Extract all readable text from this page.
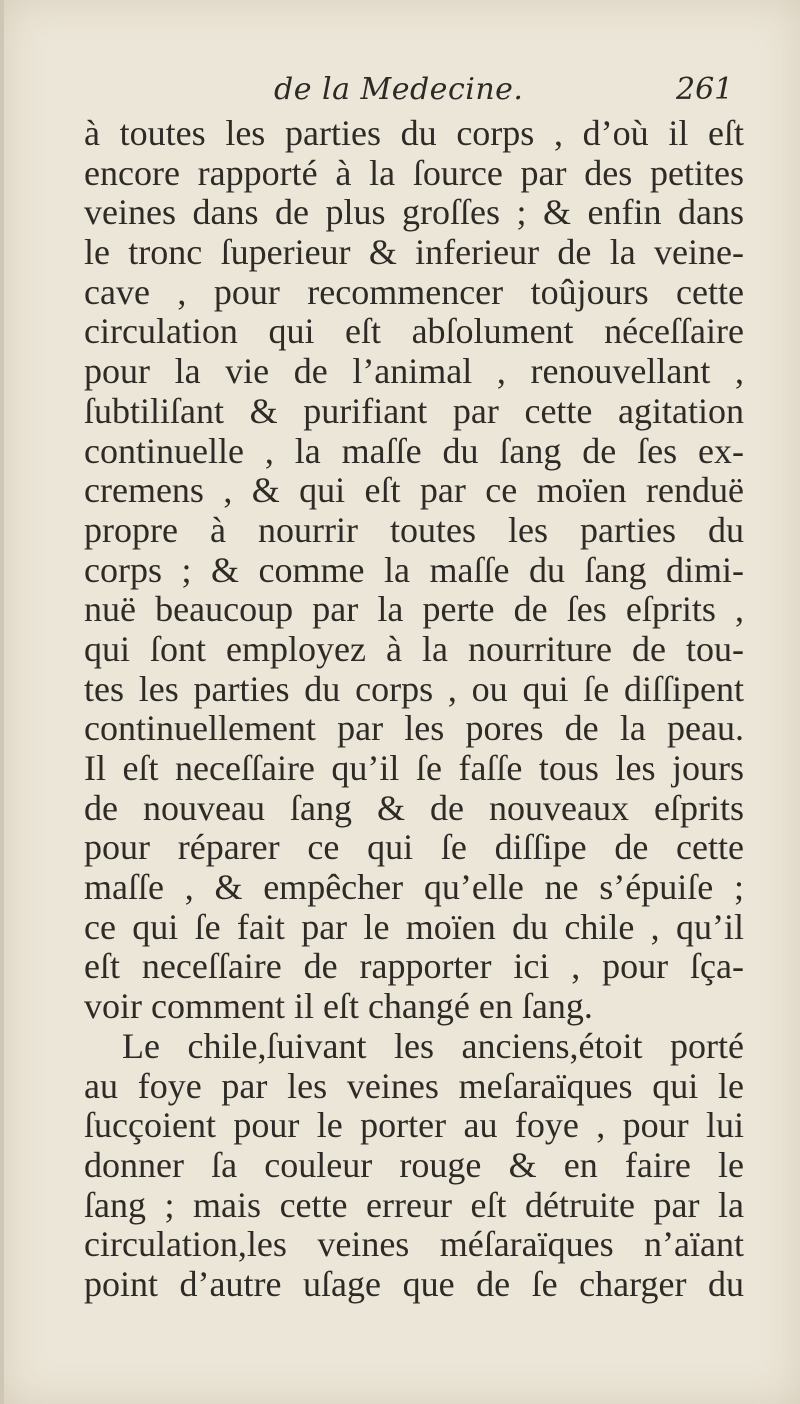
de la Medecine.	261
à toutes les parties du corps , d’où il eſt
encore rapporté à la ſource par des petites
veines dans de plus groſſes ; & enfin dans
le tronc ſuperieur & inferieur de la veine-
cave , pour recommencer toûjours cette
circulation qui eſt abſolument néceſſaire
pour la vie de l’animal , renouvellant ,
ſubtiliſant & purifiant par cette agitation
continuelle , la maſſe du ſang de ſes ex-
cremens , & qui eſt par ce moïen renduë
propre à nourrir toutes les parties du
corps ; & comme la maſſe du ſang dimi-
nuë beaucoup par la perte de ſes eſprits ,
qui ſont employez à la nourriture de tou-
tes les parties du corps , ou qui ſe diſſipent
continuellement par les pores de la peau.
Il eſt neceſſaire qu’il ſe faſſe tous les jours
de nouveau ſang & de nouveaux eſprits
pour réparer ce qui ſe diſſipe de cette
maſſe , & empêcher qu’elle ne s’épuiſe ;
ce qui ſe fait par le moïen du chile , qu’il
eſt neceſſaire de rapporter ici , pour ſça-
voir comment il eſt changé en ſang.
Le chile,ſuivant les anciens,étoit porté
au foye par les veines meſaraïques qui le
ſucçoient pour le porter au foye , pour lui
donner ſa couleur rouge & en faire le
ſang ; mais cette erreur eſt détruite par la
circulation,les veines méſaraïques n’aïant
point d’autre uſage que de ſe charger du
